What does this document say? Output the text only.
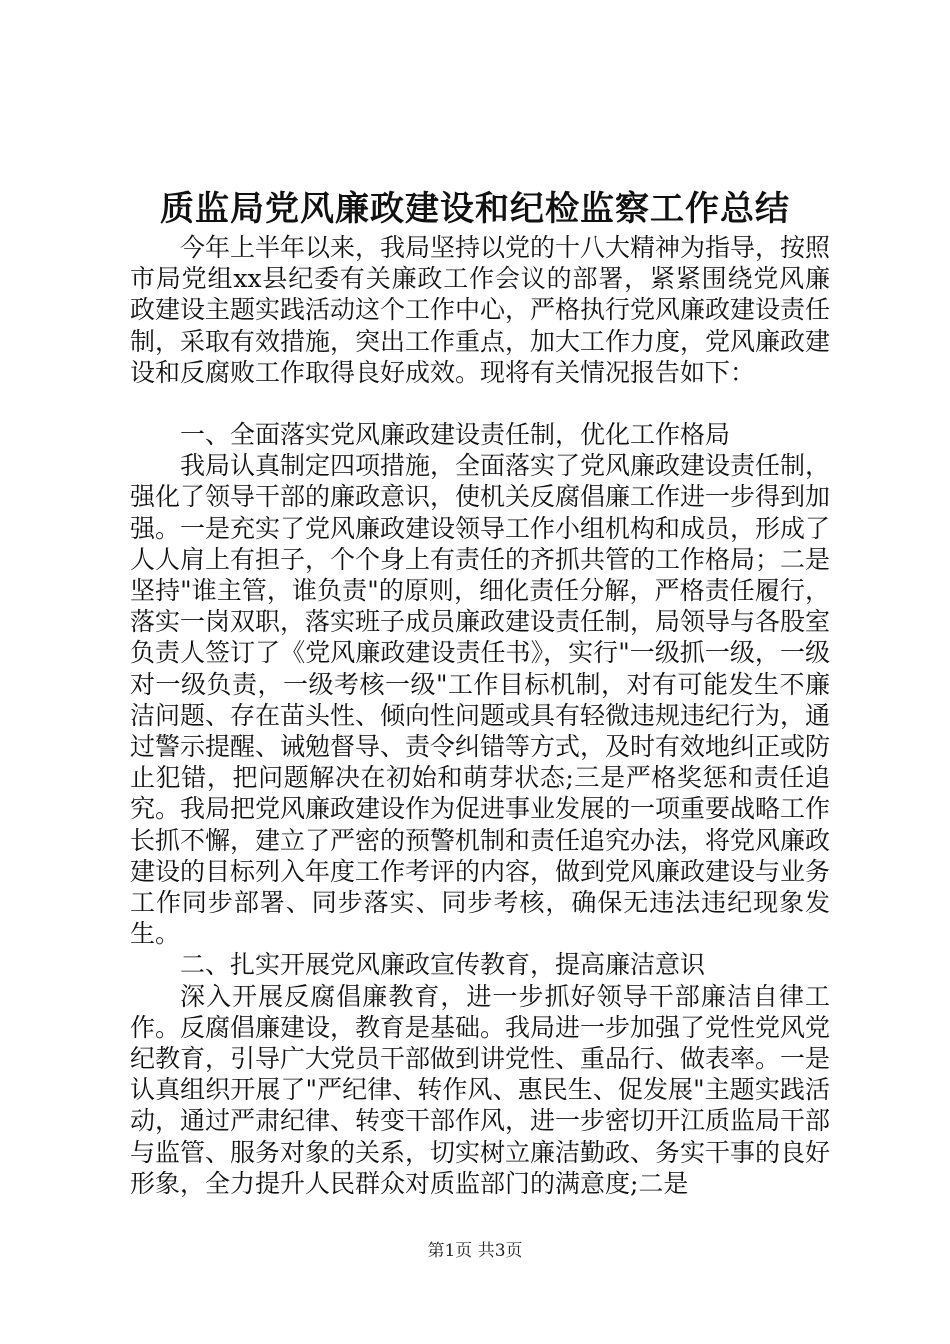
质监局党风廉政建设和纪检监察工作总结

今年上半年以来，我局坚持以党的十八大精神为指导，按照市局党组xx县纪委有关廉政工作会议的部署，紧紧围绕党风廉政建设主题实践活动这个工作中心，严格执行党风廉政建设责任制，采取有效措施，突出工作重点，加大工作力度，党风廉政建设和反腐败工作取得良好成效。现将有关情况报告如下：

一、全面落实党风廉政建设责任制，优化工作格局

我局认真制定四项措施，全面落实了党风廉政建设责任制，强化了领导干部的廉政意识，使机关反腐倡廉工作进一步得到加强。一是充实了党风廉政建设领导工作小组机构和成员，形成了人人肩上有担子，个个身上有责任的齐抓共管的工作格局；二是坚持"谁主管，谁负责"的原则，细化责任分解，严格责任履行，落实一岗双职，落实班子成员廉政建设责任制，局领导与各股室负责人签订了《党风廉政建设责任书》，实行"一级抓一级，一级对一级负责，一级考核一级"工作目标机制，对有可能发生不廉洁问题、存在苗头性、倾向性问题或具有轻微违规违纪行为，通过警示提醒、诫勉督导、责令纠错等方式，及时有效地纠正或防止犯错，把问题解决在初始和萌芽状态;三是严格奖惩和责任追究。我局把党风廉政建设作为促进事业发展的一项重要战略工作长抓不懈，建立了严密的预警机制和责任追究办法，将党风廉政建设的目标列入年度工作考评的内容，做到党风廉政建设与业务工作同步部署、同步落实、同步考核，确保无违法违纪现象发生。

二、扎实开展党风廉政宣传教育，提高廉洁意识

深入开展反腐倡廉教育，进一步抓好领导干部廉洁自律工作。反腐倡廉建设，教育是基础。我局进一步加强了党性党风党纪教育，引导广大党员干部做到讲党性、重品行、做表率。一是认真组织开展了"严纪律、转作风、惠民生、促发展"主题实践活动，通过严肃纪律、转变干部作风，进一步密切开江质监局干部与监管、服务对象的关系，切实树立廉洁勤政、务实干事的良好形象，全力提升人民群众对质监部门的满意度;二是

第1页 共3页
